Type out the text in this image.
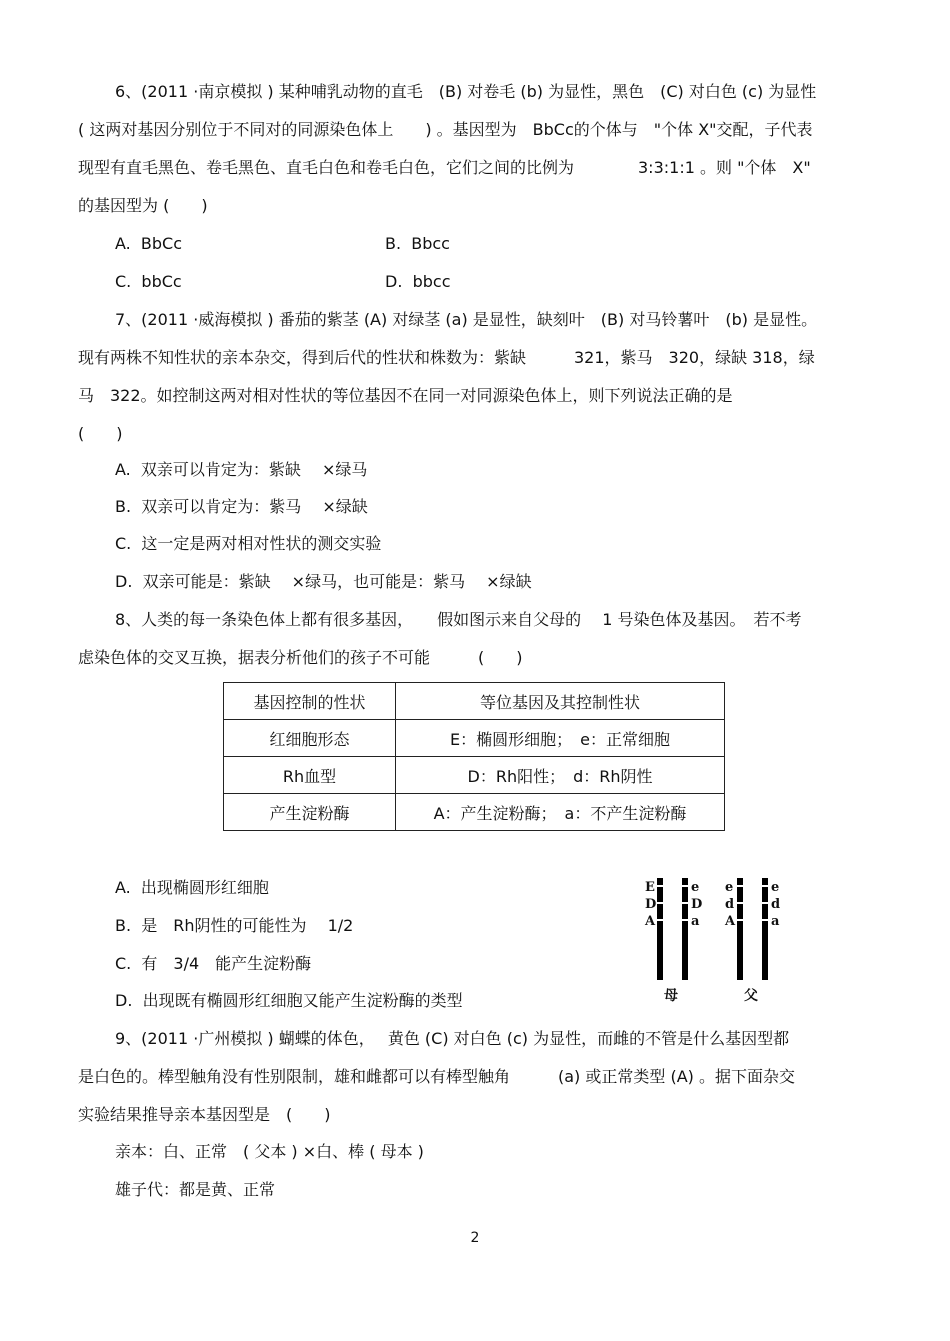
6、(2011 ·南京模拟 ) 某种哺乳动物的直毛　(B) 对卷毛 (b) 为显性，黑色　(C) 对白色 (c) 为显性
( 这两对基因分别位于不同对的同源染色体上　　) 。基因型为　BbCc的个体与　"个体 X"交配，子代表
现型有直毛黑色、卷毛黑色、直毛白色和卷毛白色，它们之间的比例为　　　　3:3:1:1 。则 "个体　X"
的基因型为 (　　)
A.  BbCc	B.  Bbcc
C.  bbCc	D.  bbcc
7、(2011 ·威海模拟 ) 番茄的紫茎 (A) 对绿茎 (a) 是显性，缺刻叶　(B) 对马铃薯叶　(b) 是显性。
现有两株不知性状的亲本杂交，得到后代的性状和株数为：紫缺　　　321，紫马　320，绿缺 318，绿
马　322。如控制这两对相对性状的等位基因不在同一对同源染色体上，则下列说法正确的是
(　　)
A.  双亲可以肯定为：紫缺　 ×绿马
B.  双亲可以肯定为：紫马　 ×绿缺
C.  这一定是两对相对性状的测交实验
D.  双亲可能是：紫缺　 ×绿马，也可能是：紫马　 ×绿缺
8、人类的每一条染色体上都有很多基因，　　假如图示来自父母的　 1 号染色体及基因。　若不考
虑染色体的交叉互换，据表分析他们的孩子不可能　　　(　　)
A.  出现椭圆形红细胞
B.  是　Rh阴性的可能性为　 1/2
C.  有　3/4　能产生淀粉酶
D.  出现既有椭圆形红细胞又能产生淀粉酶的类型
9、(2011 ·广州模拟 ) 蝴蝶的体色，　 黄色 (C) 对白色 (c) 为显性，而雌的不管是什么基因型都
是白色的。棒型触角没有性别限制，雄和雌都可以有棒型触角　　　(a) 或正常类型 (A) 。据下面杂交
实验结果推导亲本基因型是　(　　)
亲本：白、正常　( 父本 ) ×白、棒 ( 母本 )
雄子代：都是黄、正常
基因控制的性状	等位基因及其控制性状
红细胞形态	E：椭圆形细胞；　e：正常细胞
Rh血型	D：Rh阳性；　d：Rh阴性
产生淀粉酶	A：产生淀粉酶；　a：不产生淀粉酶
E
D
A
e
D
a
e
d
A
e
d
a
母	父
2
